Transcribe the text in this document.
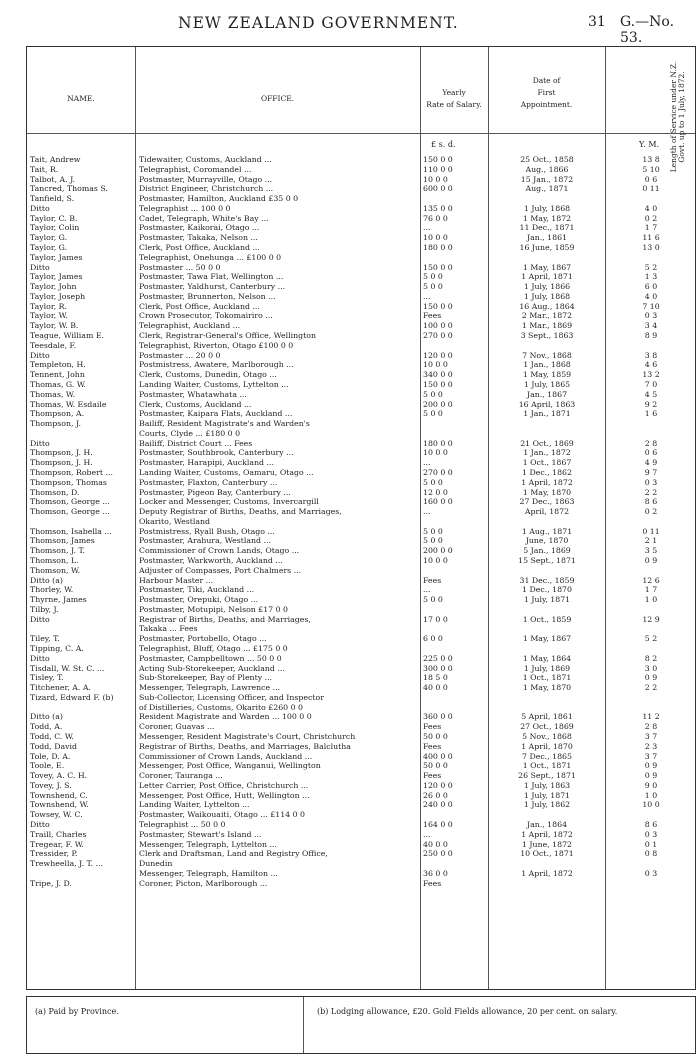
NEW ZEALAND GOVERNMENT.	31 G.—No. 53.
NAME.	OFFICE.
Yearly
Rate of Salary.
Date of
First
Appointment.	Length of Service under N.Z. Govt. up to 1 July, 1872.
£ s. d.	Y. M.
Tait, Andrew	Tidewaiter, Customs, Auckland ...	150 0 0	25 Oct., 1858	13 8
Tait, R.	Telegraphist, Coromandel ...	110 0 0	Aug., 1866	5 10
Talbot, A. J.	Postmaster, Murrayville, Otago ...	10 0 0	15 Jan., 1872	0 6
Tancred, Thomas S.	District Engineer, Christchurch ...	600 0 0	Aug., 1871	0 11
Tanfield, S.	Postmaster, Hamilton, Auckland £35 0 0
Ditto	Telegraphist ... 100 0 0	135 0 0	1 July, 1868	4 0
Taylor, C. B.	Cadet, Telegraph, White's Bay ...	76 0 0	1 May, 1872	0 2
Taylor, Colin	Postmaster, Kaikorai, Otago ...	...	11 Dec., 1871	1 7
Taylor, G.	Postmaster, Takaka, Nelson ...	10 0 0	Jan., 1861	11 6
Taylor, G.	Clerk, Post Office, Auckland ...	180 0 0	16 June, 1859	13 0
Taylor, James	Telegraphist, Onehunga ... £100 0 0
Ditto	Postmaster ... 50 0 0	150 0 0	1 May, 1867	5 2
Taylor, James	Postmaster, Tawa Flat, Wellington ...	5 0 0	1 April, 1871	1 3
Taylor, John	Postmaster, Yaldhurst, Canterbury ...	5 0 0	1 July, 1866	6 0
Taylor, Joseph	Postmaster, Brunnerton, Nelson ...	...	1 July, 1868	4 0
Taylor, R.	Clerk, Post Office, Auckland ...	150 0 0	16 Aug., 1864	7 10
Taylor, W.	Crown Prosecutor, Tokomairiro ...	Fees	2 Mar., 1872	0 3
Taylor, W. B.	Telegraphist, Auckland ...	100 0 0	1 Mar., 1869	3 4
Teague, William E.	Clerk, Registrar-General's Office, Wellington	270 0 0	3 Sept., 1863	8 9
Teesdale, F.	Telegraphist, Riverton, Otago £100 0 0
Ditto	Postmaster ... 20 0 0	120 0 0	7 Nov., 1868	3 8
Templeton, H.	Postmistress, Awatere, Marlborough ...	10 0 0	1 Jan., 1868	4 6
Tennent, John	Clerk, Customs, Dunedin, Otago ...	340 0 0	1 May, 1859	13 2
Thomas, G. W.	Landing Waiter, Customs, Lyttelton ...	150 0 0	1 July, 1865	7 0
Thomas, W.	Postmaster, Whatawhata ...	5 0 0	Jan., 1867	4 5
Thomas, W. Esdaile	Clerk, Customs, Auckland ...	200 0 0	16 April, 1863	9 2
Thompson, A.	Postmaster, Kaipara Flats, Auckland ...	5 0 0	1 Jan., 1871	1 6
Thompson, J.	Bailiff, Resident Magistrate's and Warden's
Courts, Clyde ... £180 0 0
Ditto	Bailiff, District Court ... Fees	180 0 0	21 Oct., 1869	2 8
Thompson, J. H.	Postmaster, Southbrook, Canterbury ...	10 0 0	1 Jan., 1872	0 6
Thompson, J. H.	Postmaster, Harapipi, Auckland ...	...	1 Oct., 1867	4 9
Thompson, Robert ...	Landing Waiter, Customs, Oamaru, Otago ...	270 0 0	1 Dec., 1862	9 7
Thompson, Thomas	Postmaster, Flaxton, Canterbury ...	5 0 0	1 April, 1872	0 3
Thomson, D.	Postmaster, Pigeon Bay, Canterbury ...	12 0 0	1 May, 1870	2 2
Thomson, George ...	Locker and Messenger, Customs, Invercargill	160 0 0	27 Dec., 1863	8 6
Thomson, George ...	Deputy Registrar of Births, Deaths, and Marriages,	...	April, 1872	0 2
Okarito, Westland
Thomson, Isabella ...	Postmistress, Ryall Bush, Otago ...	5 0 0	1 Aug., 1871	0 11
Thomson, James	Postmaster, Arahura, Westland ...	5 0 0	June, 1870	2 1
Thomson, J. T.	Commissioner of Crown Lands, Otago ...	200 0 0	5 Jan., 1869	3 5
Thomson, L.	Postmaster, Warkworth, Auckland ...	10 0 0	15 Sept., 1871	0 9
Thomson, W.	Adjuster of Compasses, Port Chalmers ...
Ditto (a)	Harbour Master ...	Fees	31 Dec., 1859	12 6
Thorley, W.	Postmaster, Tiki, Auckland ...	...	1 Dec., 1870	1 7
Thyrne, James	Postmaster, Orepuki, Otago ...	5 0 0	1 July, 1871	1 0
Tilby, J.	Postmaster, Motupipi, Nelson £17 0 0
Ditto	Registrar of Births, Deaths, and Marriages,	17 0 0	1 Oct., 1859	12 9
Takaka ... Fees
Tiley, T.	Postmaster, Portobello, Otago ...	6 0 0	1 May, 1867	5 2
Tipping, C. A.	Telegraphist, Bluff, Otago ... £175 0 0
Ditto	Postmaster, Campbelltown ... 50 0 0	225 0 0	1 May, 1864	8 2
Tisdall, W. St. C. ...	Acting Sub-Storekeeper, Auckland ...	300 0 0	1 July, 1869	3 0
Tisley, T.	Sub-Storekeeper, Bay of Plenty ...	18 5 0	1 Oct., 1871	0 9
Titchener, A. A.	Messenger, Telegraph, Lawrence ...	40 0 0	1 May, 1870	2 2
Tizard, Edward F. (b)	Sub-Collector, Licensing Officer, and Inspector
of Distilleries, Customs, Okarito £260 0 0
Ditto (a)	Resident Magistrate and Warden ... 100 0 0	360 0 0	5 April, 1861	11 2
Todd, A.	Coroner, Guavas ...	Fees	27 Oct., 1869	2 8
Todd, C. W.	Messenger, Resident Magistrate's Court, Christchurch	50 0 0	5 Nov., 1868	3 7
Todd, David	Registrar of Births, Deaths, and Marriages, Balclutha	Fees	1 April, 1870	2 3
Tole, D. A.	Commissioner of Crown Lands, Auckland ...	400 0 0	7 Dec., 1865	3 7
Toole, E.	Messenger, Post Office, Wanganui, Wellington	50 0 0	1 Oct., 1871	0 9
Tovey, A. C. H.	Coroner, Tauranga ...	Fees	26 Sept., 1871	0 9
Tovey, J. S.	Letter Carrier, Post Office, Christchurch ...	120 0 0	1 July, 1863	9 0
Townshend, C.	Messenger, Post Office, Hutt, Wellington ...	26 0 0	1 July, 1871	1 0
Townshend, W.	Landing Waiter, Lyttelton ...	240 0 0	1 July, 1862	10 0
Towsey, W. C.	Postmaster, Waikouaiti, Otago ... £114 0 0
Ditto	Telegraphist ... 50 0 0	164 0 0	Jan., 1864	8 6
Traill, Charles	Postmaster, Stewart's Island ...	...	1 April, 1872	0 3
Tregear, F. W.	Messenger, Telegraph, Lyttelton ...	40 0 0	1 June, 1872	0 1
Tressider, P.	Clerk and Draftsman, Land and Registry Office,	250 0 0	10 Oct., 1871	0 8
Trewheella, J. T. ...	Dunedin
Messenger, Telegraph, Hamilton ...	36 0 0	1 April, 1872	0 3
Tripe, J. D.	Coroner, Picton, Marlborough ...	Fees
(a) Paid by Province.	(b) Lodging allowance, £20. Gold Fields allowance, 20 per cent. on salary.
